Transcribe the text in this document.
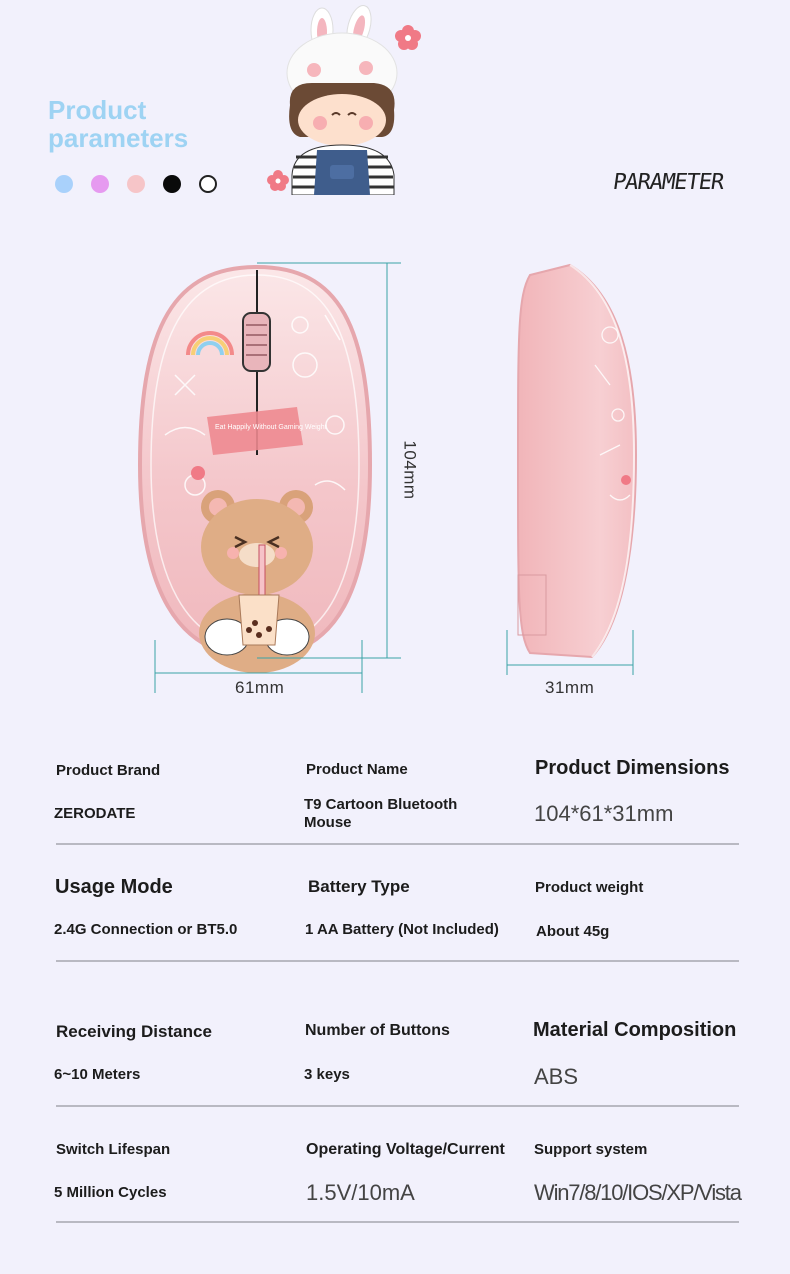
Product
parameters
PARAMETER
Eat Happily Without Gaming Weight
104mm
61mm	31mm
Product Brand
ZERODATE
Product Name
T9 Cartoon Bluetooth
Mouse
Product Dimensions
104*61*31mm
Usage Mode
2.4G Connection or BT5.0
Battery Type
1 AA Battery (Not Included)
Product weight
About 45g
Receiving Distance
6~10 Meters
Number of Buttons
3 keys
Material Composition
ABS
Switch Lifespan
5 Million Cycles
Operating Voltage/Current
1.5V/10mA
Support system
Win7/8/10/IOS/XP/Vista
